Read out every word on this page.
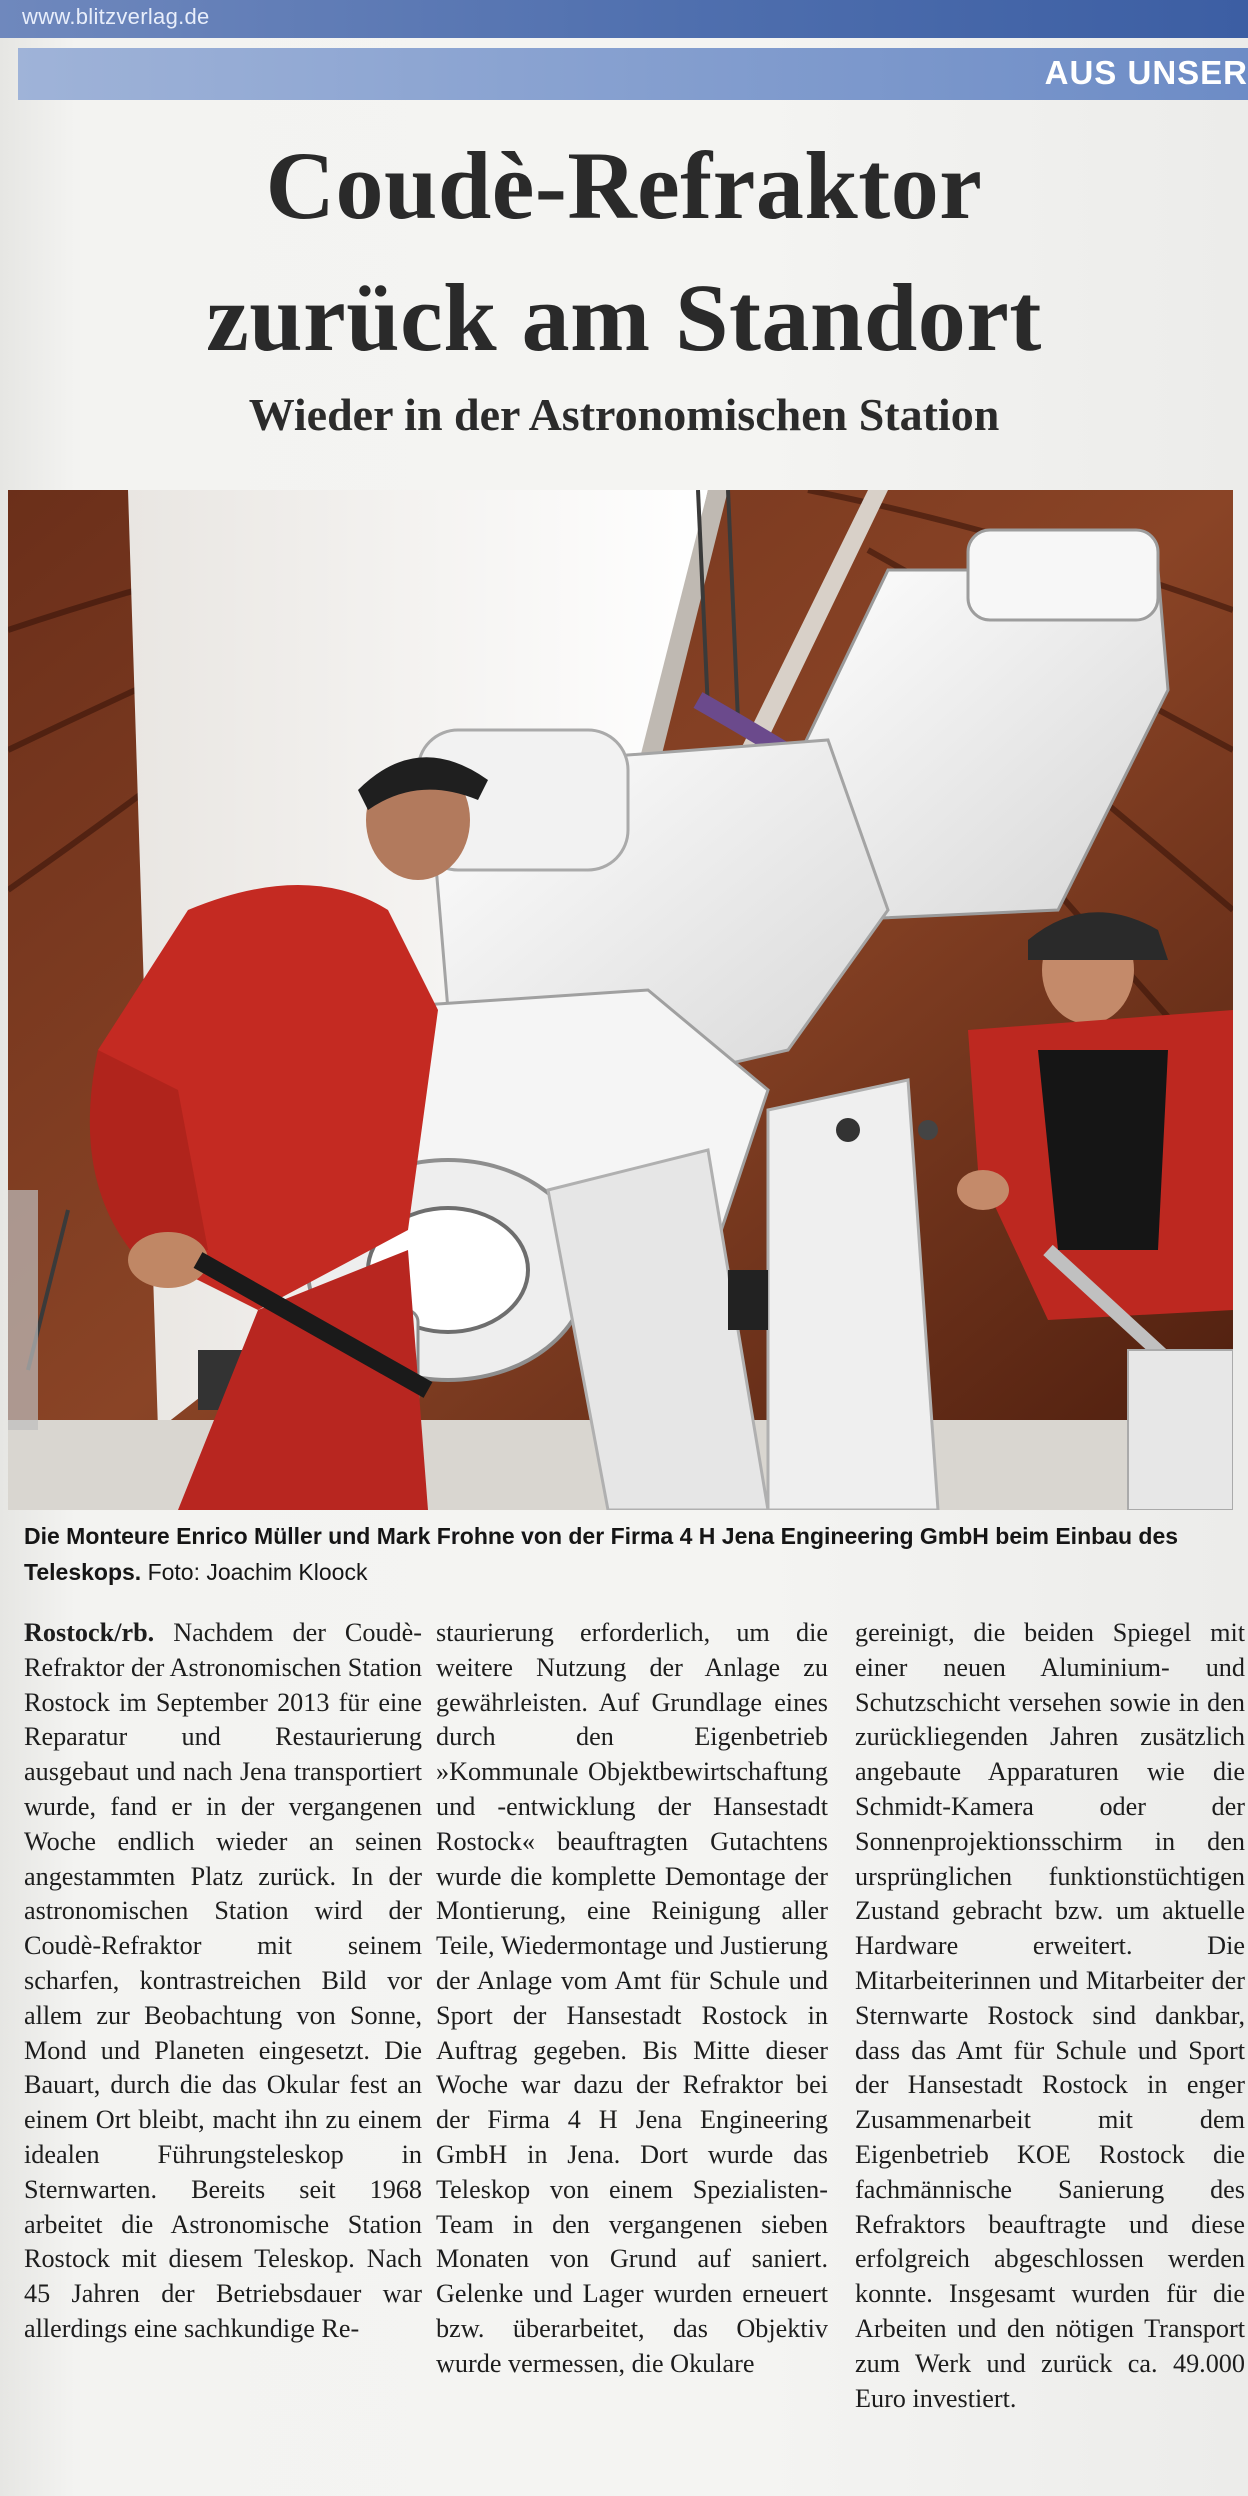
www.blitzverlag.de
AUS UNSER
Coudè-Refraktor
zurück am Standort
Wieder in der Astronomischen Station

Die Monteure Enrico Müller und Mark Frohne von der Firma 4 H Jena Engineering GmbH beim Einbau des Teleskops. Foto: Joachim Kloock

Rostock/rb. Nachdem der Coudè-Refraktor der Astronomischen Station Rostock im September 2013 für eine Reparatur und Restaurierung ausgebaut und nach Jena transportiert wurde, fand er in der vergangenen Woche endlich wieder an seinen angestammten Platz zurück. In der astronomischen Station wird der Coudè-Refraktor mit seinem scharfen, kontrastreichen Bild vor allem zur Beobachtung von Sonne, Mond und Planeten eingesetzt. Die Bauart, durch die das Okular fest an einem Ort bleibt, macht ihn zu einem idealen Führungsteleskop in Sternwarten. Bereits seit 1968 arbeitet die Astronomische Station Rostock mit diesem Teleskop. Nach 45 Jahren der Betriebsdauer war allerdings eine sachkundige Re-
staurierung erforderlich, um die weitere Nutzung der Anlage zu gewährleisten. Auf Grundlage eines durch den Eigenbetrieb »Kommunale Objektbewirtschaftung und -entwicklung der Hansestadt Rostock« beauftragten Gutachtens wurde die komplette Demontage der Montierung, eine Reinigung aller Teile, Wiedermontage und Justierung der Anlage vom Amt für Schule und Sport der Hansestadt Rostock in Auftrag gegeben. Bis Mitte dieser Woche war dazu der Refraktor bei der Firma 4 H Jena Engineering GmbH in Jena. Dort wurde das Teleskop von einem Spezialisten-Team in den vergangenen sieben Monaten von Grund auf saniert. Gelenke und Lager wurden erneuert bzw. überarbeitet, das Objektiv wurde vermessen, die Okulare
gereinigt, die beiden Spiegel mit einer neuen Aluminium- und Schutzschicht versehen sowie in den zurückliegenden Jahren zusätzlich angebaute Apparaturen wie die Schmidt-Kamera oder der Sonnenprojektionsschirm in den ursprünglichen funktionstüchtigen Zustand gebracht bzw. um aktuelle Hardware erweitert. Die Mitarbeiterinnen und Mitarbeiter der Sternwarte Rostock sind dankbar, dass das Amt für Schule und Sport der Hansestadt Rostock in enger Zusammenarbeit mit dem Eigenbetrieb KOE Rostock die fachmännische Sanierung des Refraktors beauftragte und diese erfolgreich abgeschlossen werden konnte. Insgesamt wurden für die Arbeiten und den nötigen Transport zum Werk und zurück ca. 49.000 Euro investiert.
